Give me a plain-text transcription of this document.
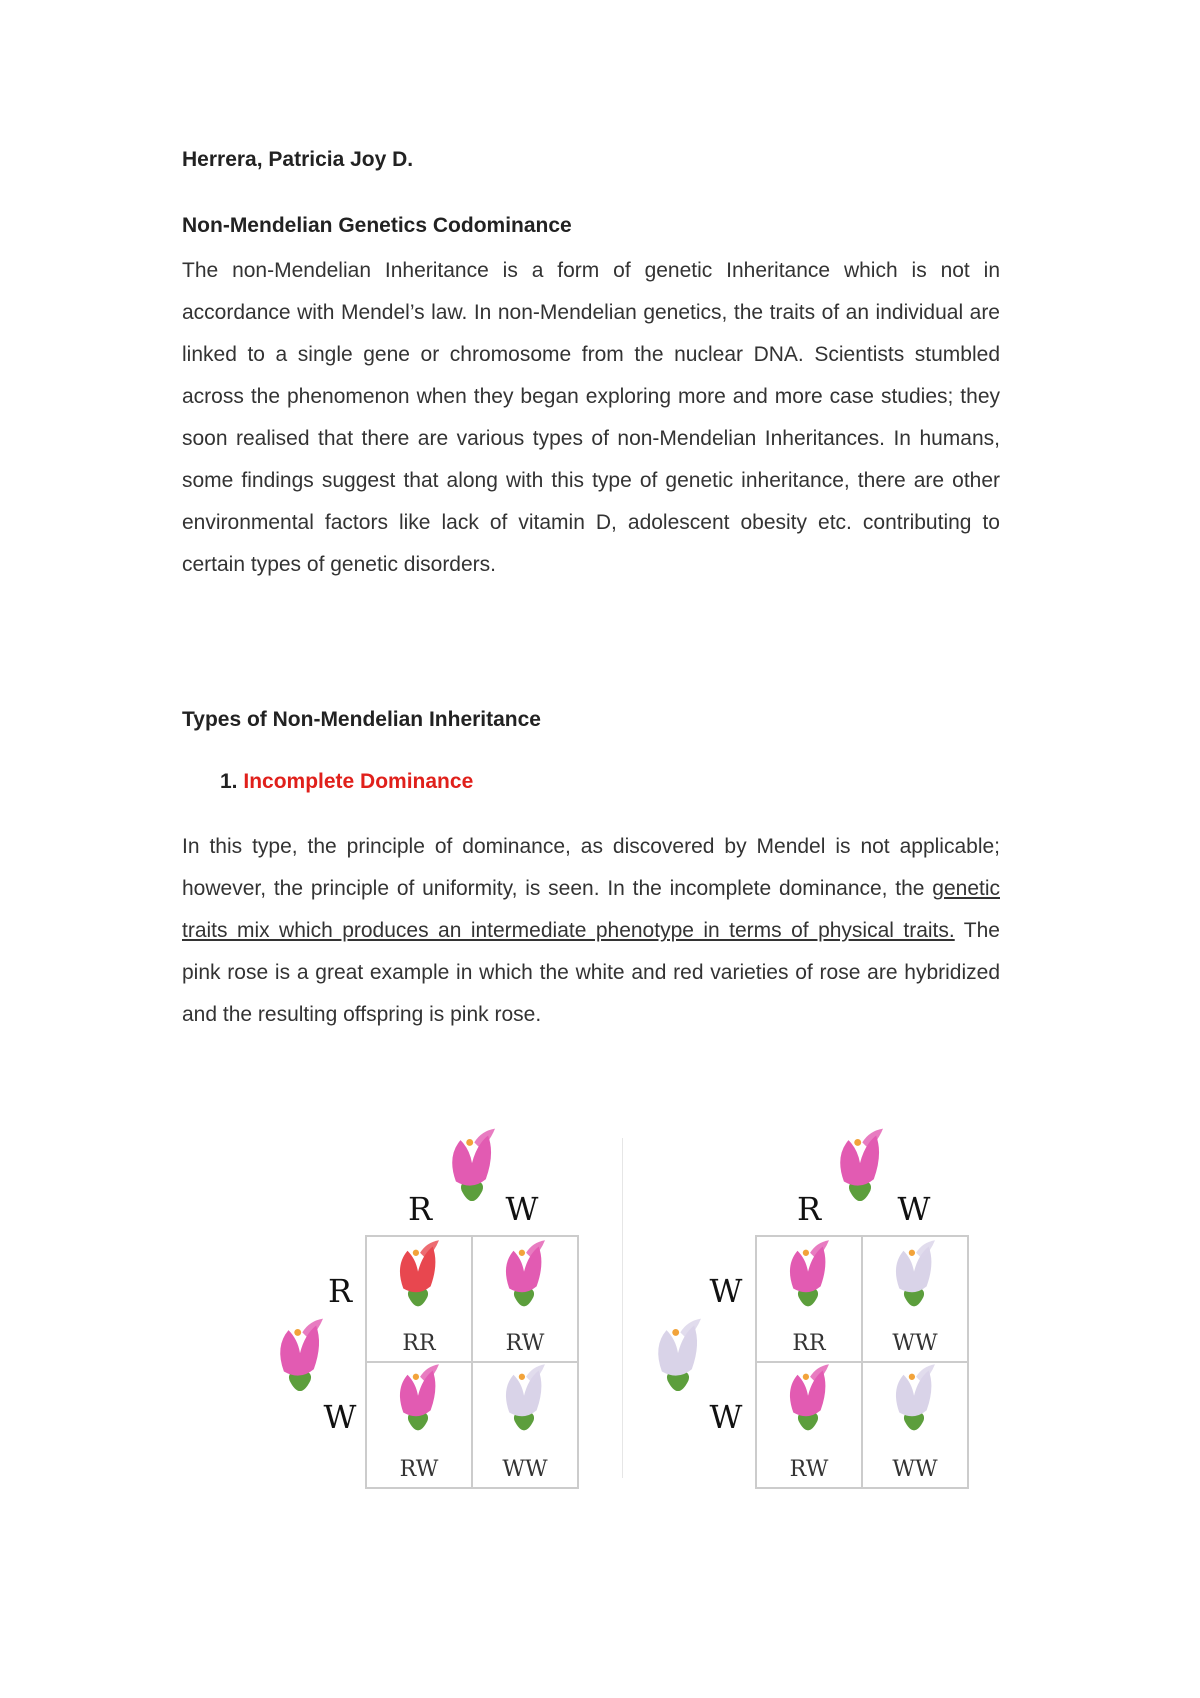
Herrera, Patricia Joy D.
Non-Mendelian Genetics Codominance
The non-Mendelian Inheritance is a form of genetic Inheritance which is not in accordance with Mendel’s law. In non-Mendelian genetics, the traits of an individual are linked to a single gene or chromosome from the nuclear DNA. Scientists stumbled across the phenomenon when they began exploring more and more case studies; they soon realised that there are various types of non-Mendelian Inheritances. In humans, some findings suggest that along with this type of genetic inheritance, there are other environmental factors like lack of vitamin D, adolescent obesity etc. contributing to certain types of genetic disorders.
Types of Non-Mendelian Inheritance
1. Incomplete Dominance
In this type, the principle of dominance, as discovered by Mendel is not applicable; however, the principle of uniformity, is seen. In the incomplete dominance, the genetic traits mix which produces an intermediate phenotype in terms of physical traits. The pink rose is a great example in which the white and red varieties of rose are hybridized and the resulting offspring is pink rose.
R W
R
W
RR	RW
RW	WW
R W
W
W
RR	WW
RW	WW
